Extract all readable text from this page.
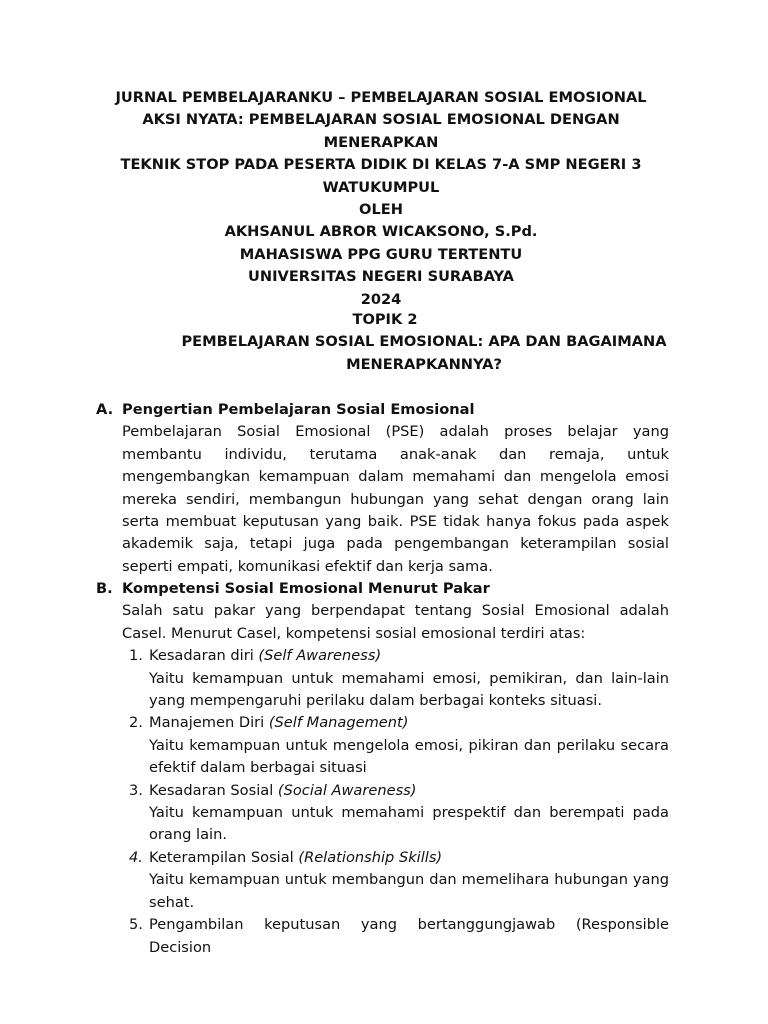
JURNAL PEMBELAJARANKU – PEMBELAJARAN SOSIAL EMOSIONAL
AKSI NYATA: PEMBELAJARAN SOSIAL EMOSIONAL DENGAN MENERAPKAN
TEKNIK STOP PADA PESERTA DIDIK DI KELAS 7-A SMP NEGERI 3
WATUKUMPUL
OLEH
AKHSANUL ABROR WICAKSONO, S.Pd.
MAHASISWA PPG GURU TERTENTU
UNIVERSITAS NEGERI SURABAYA
2024
TOPIK 2
PEMBELAJARAN SOSIAL EMOSIONAL: APA DAN BAGAIMANA
MENERAPKANNYA?
A. Pengertian Pembelajaran Sosial Emosional
Pembelajaran Sosial Emosional (PSE) adalah proses belajar yang membantu individu, terutama anak-anak dan remaja, untuk mengembangkan kemampuan dalam memahami dan mengelola emosi mereka sendiri, membangun hubungan yang sehat dengan orang lain serta membuat keputusan yang baik. PSE tidak hanya fokus pada aspek akademik saja, tetapi juga pada pengembangan keterampilan sosial seperti empati, komunikasi efektif dan kerja sama.
B. Kompetensi Sosial Emosional Menurut Pakar
Salah satu pakar yang berpendapat tentang Sosial Emosional adalah Casel. Menurut Casel, kompetensi sosial emosional terdiri atas:
1. Kesadaran diri (Self Awareness)
Yaitu kemampuan untuk memahami emosi, pemikiran, dan lain-lain yang mempengaruhi perilaku dalam berbagai konteks situasi.
2. Manajemen Diri (Self Management)
Yaitu kemampuan untuk mengelola emosi, pikiran dan perilaku secara efektif dalam berbagai situasi
3. Kesadaran Sosial (Social Awareness)
Yaitu kemampuan untuk memahami prespektif dan berempati pada orang lain.
4. Keterampilan Sosial (Relationship Skills)
Yaitu kemampuan untuk membangun dan memelihara hubungan yang sehat.
5. Pengambilan keputusan yang bertanggungjawab (Responsible Decision
